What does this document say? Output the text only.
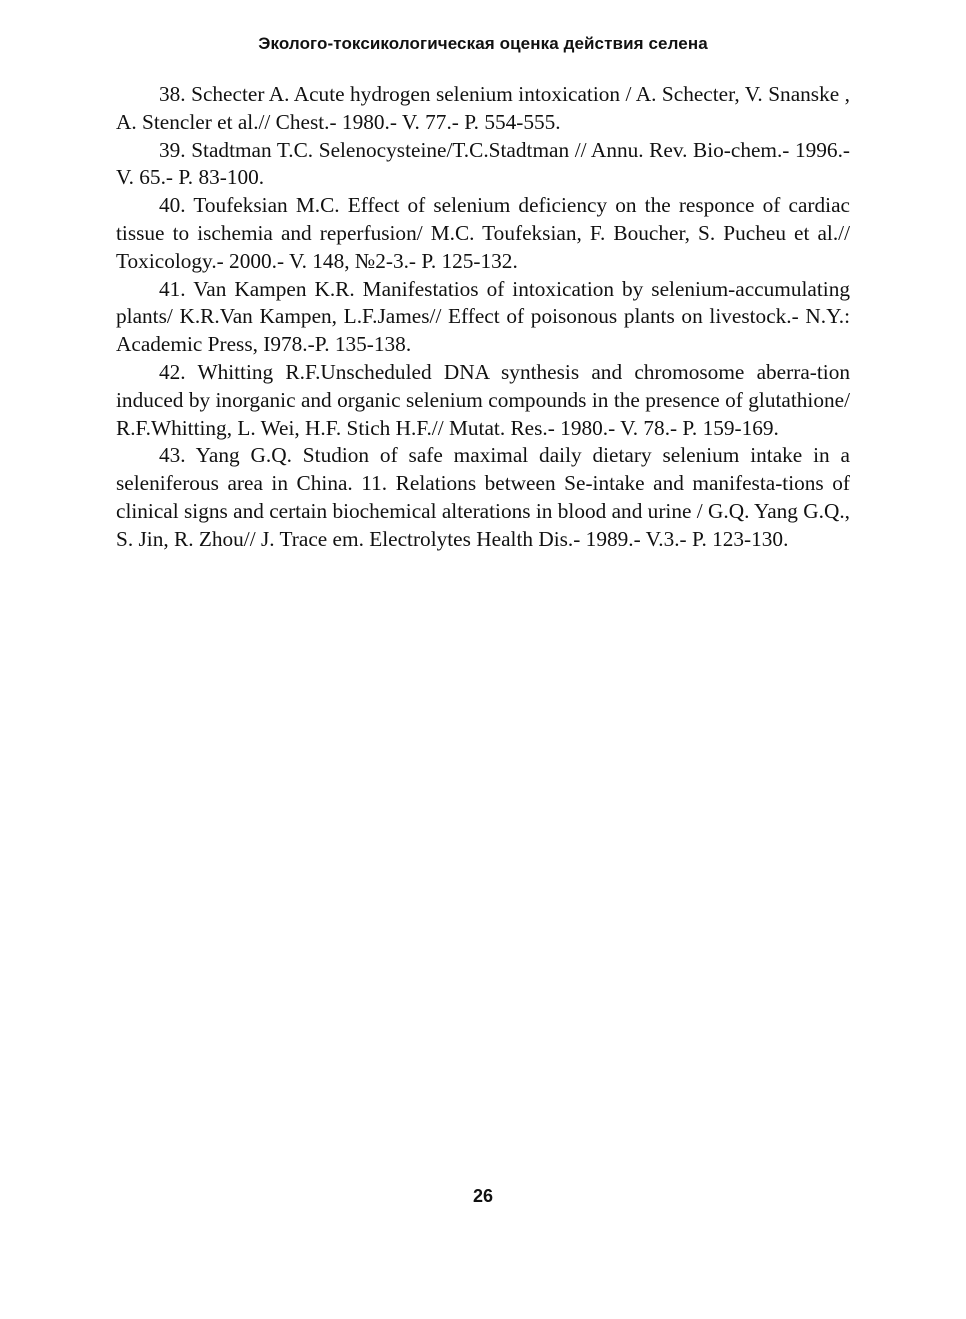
Эколого-токсикологическая оценка действия селена

38. Schecter A. Acute hydrogen selenium intoxication / A. Schecter, V. Snanske , A. Stencler et al.// Chest.- 1980.- V. 77.- P. 554-555.

39. Stadtman T.C. Selenocysteine/T.C.Stadtman // Annu. Rev. Bio-chem.- 1996.- V. 65.- P. 83-100.

40. Toufeksian M.C. Effect of selenium deficiency on the responce of cardiac tissue to ischemia and reperfusion/ M.C. Toufeksian, F. Boucher, S. Pucheu et al.// Toxicology.- 2000.- V. 148, №2-3.- P. 125-132.

41. Van Kampen K.R. Manifestatios of intoxication by selenium-accumulating plants/ K.R.Van Kampen, L.F.James// Effect of poisonous plants on livestock.- N.Y.: Academic Press, I978.-P. 135-138.

42. Whitting R.F.Unscheduled DNA synthesis and chromosome aberra-tion induced by inorganic and organic selenium compounds in the presence of glutathione/ R.F.Whitting, L. Wei, H.F. Stich H.F.// Mutat. Res.- 1980.- V. 78.- P. 159-169.

43. Yang G.Q. Studion of safe maximal daily dietary selenium intake in a seleniferous area in China. 11. Relations between Se-intake and manifesta-tions of clinical signs and certain biochemical alterations in blood and urine / G.Q. Yang G.Q., S. Jin, R. Zhou// J. Trace em. Electrolytes Health Dis.- 1989.- V.3.- P. 123-130.

26
